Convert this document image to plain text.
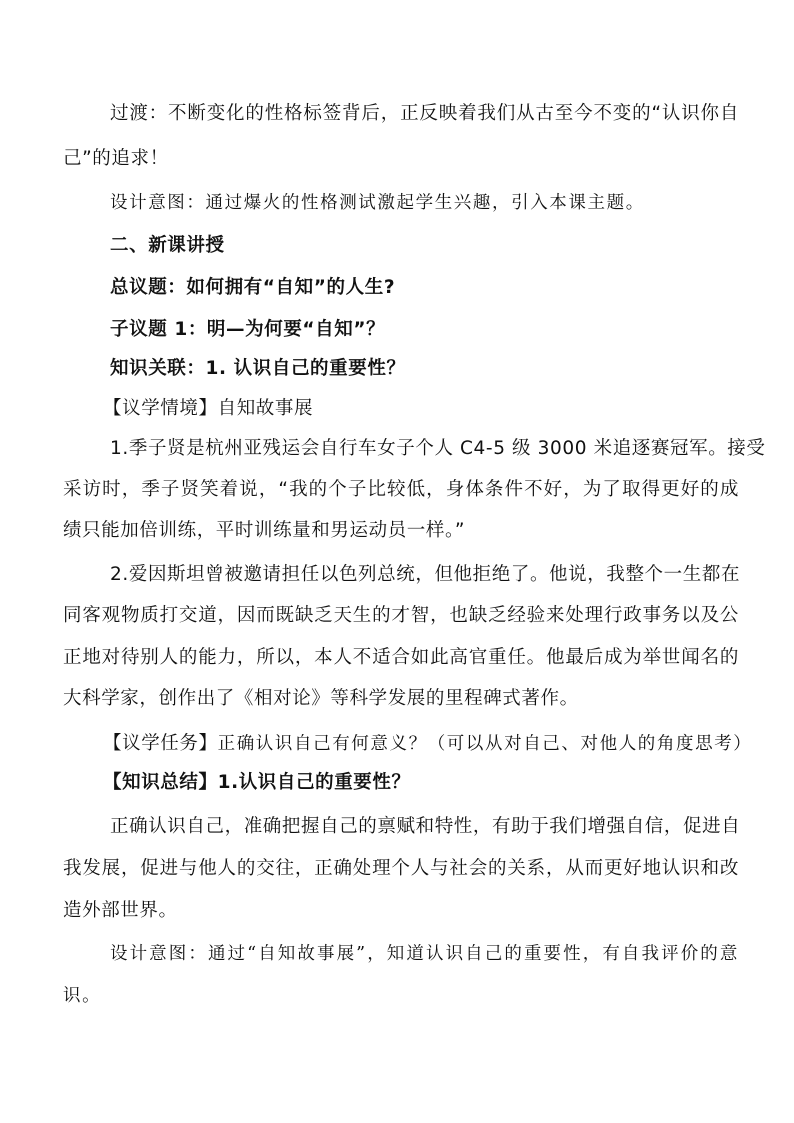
过渡：不断变化的性格标签背后，正反映着我们从古至今不变的“认识你自
己”的追求！
设计意图：通过爆火的性格测试激起学生兴趣，引入本课主题。
二、新课讲授
总议题：如何拥有“自知”的人生?
子议题 1：明—为何要“自知”？
知识关联：1. 认识自己的重要性？
【议学情境】自知故事展
1.季子贤是杭州亚残运会自行车女子个人 C4-5 级 3000 米追逐赛冠军。接受
采访时，季子贤笑着说，“我的个子比较低，身体条件不好，为了取得更好的成
绩只能加倍训练，平时训练量和男运动员一样。”
2.爱因斯坦曾被邀请担任以色列总统，但他拒绝了。他说，我整个一生都在
同客观物质打交道，因而既缺乏天生的才智，也缺乏经验来处理行政事务以及公
正地对待别人的能力，所以，本人不适合如此高官重任。他最后成为举世闻名的
大科学家，创作出了《相对论》等科学发展的里程碑式著作。
【议学任务】正确认识自己有何意义？（可以从对自己、对他人的角度思考）
【知识总结】1.认识自己的重要性？
正确认识自己，准确把握自己的禀赋和特性，有助于我们增强自信，促进自
我发展，促进与他人的交往，正确处理个人与社会的关系，从而更好地认识和改
造外部世界。
设计意图：通过“自知故事展”，知道认识自己的重要性，有自我评价的意
识。
